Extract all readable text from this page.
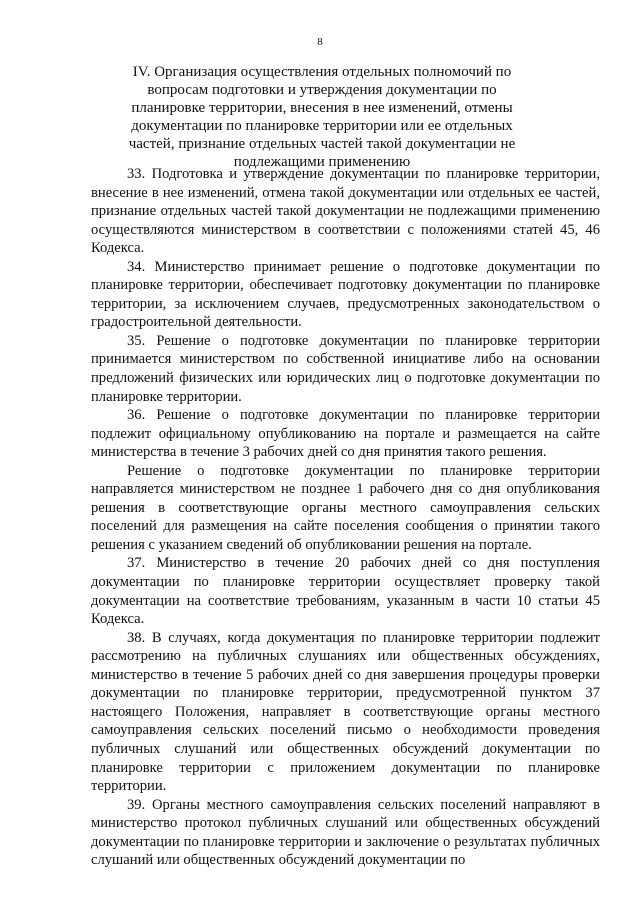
8
IV. Организация осуществления отдельных полномочий по вопросам подготовки и утверждения документации по планировке территории, внесения в нее изменений, отмены документации по планировке территории или ее отдельных частей, признание отдельных частей такой документации не подлежащими применению

33. Подготовка и утверждение документации по планировке территории, внесение в нее изменений, отмена такой документации или отдельных ее частей, признание отдельных частей такой документации не подлежащими применению осуществляются министерством в соответствии с положениями статей 45, 46 Кодекса.

34. Министерство принимает решение о подготовке документации по планировке территории, обеспечивает подготовку документации по планировке территории, за исключением случаев, предусмотренных законодательством о градостроительной деятельности.

35. Решение о подготовке документации по планировке территории принимается министерством по собственной инициативе либо на основании предложений физических или юридических лиц о подготовке документации по планировке территории.

36. Решение о подготовке документации по планировке территории подлежит официальному опубликованию на портале и размещается на сайте министерства в течение 3 рабочих дней со дня принятия такого решения.

Решение о подготовке документации по планировке территории направляется министерством не позднее 1 рабочего дня со дня опубликования решения в соответствующие органы местного самоуправления сельских поселений для размещения на сайте поселения сообщения о принятии такого решения с указанием сведений об опубликовании решения на портале.

37. Министерство в течение 20 рабочих дней со дня поступления документации по планировке территории осуществляет проверку такой документации на соответствие требованиям, указанным в части 10 статьи 45 Кодекса.

38. В случаях, когда документация по планировке территории подлежит рассмотрению на публичных слушаниях или общественных обсуждениях, министерство в течение 5 рабочих дней со дня завершения процедуры проверки документации по планировке территории, предусмотренной пунктом 37 настоящего Положения, направляет в соответствующие органы местного самоуправления сельских поселений письмо о необходимости проведения публичных слушаний или общественных обсуждений документации по планировке территории с приложением документации по планировке территории.

39. Органы местного самоуправления сельских поселений направляют в министерство протокол публичных слушаний или общественных обсуждений документации по планировке территории и заключение о результатах публичных слушаний или общественных обсуждений документации по
